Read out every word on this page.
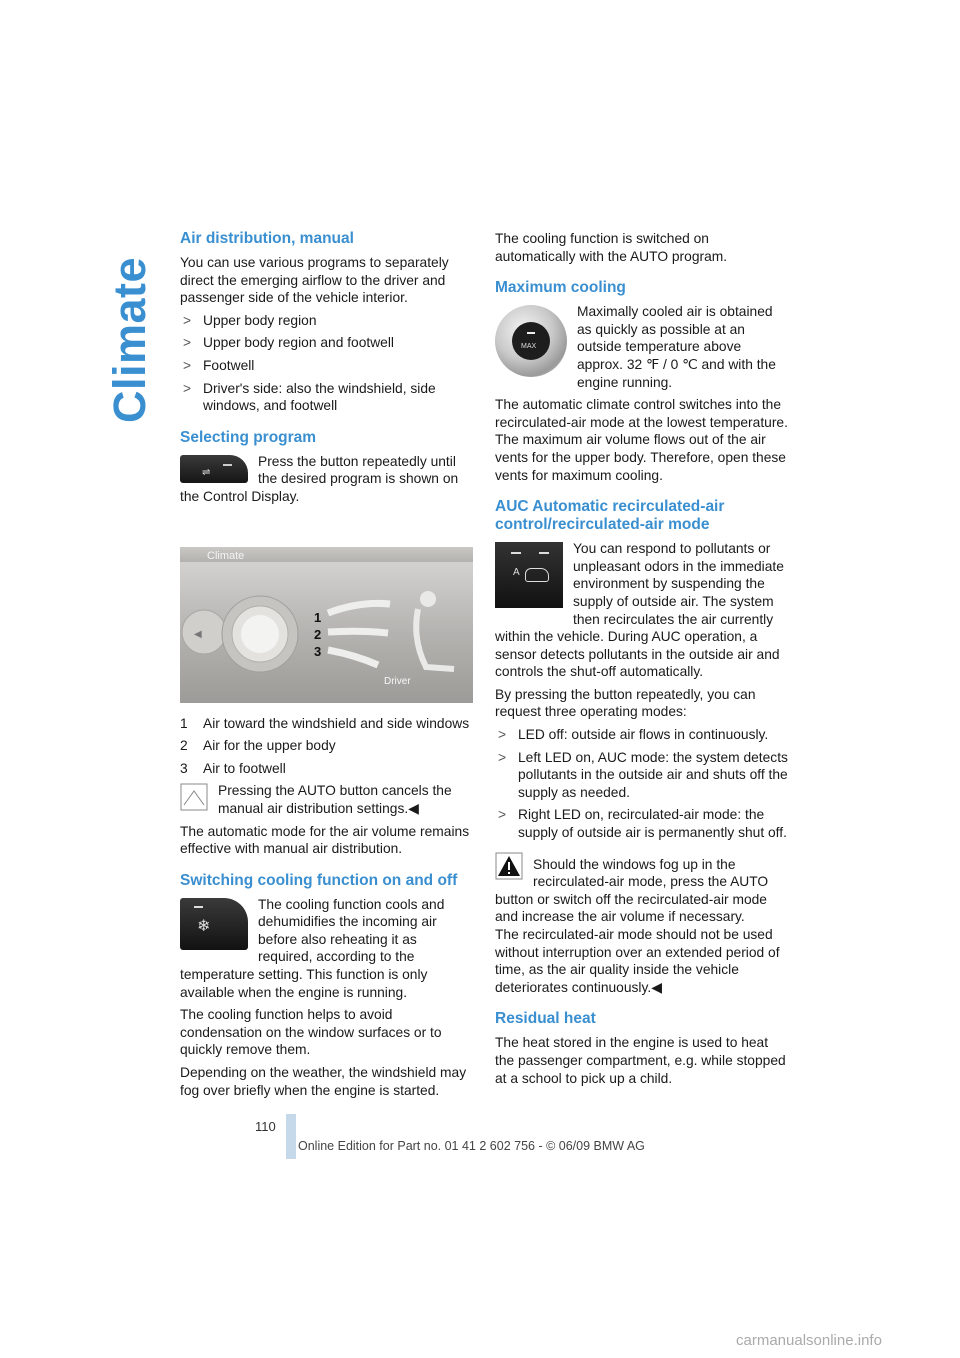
Climate
Air distribution, manual

You can use various programs to separately direct the emerging airflow to the driver and passenger side of the vehicle interior.

> Upper body region
> Upper body region and footwell
> Footwell
> Driver's side: also the windshield, side windows, and footwell
Selecting program
⇌

Press the button repeatedly until the desired program is shown on the Control Display.

◀
Climate
1
2
3
Driver
1 Air toward the windshield and side windows
2 Air for the upper body
3 Air to footwell

Pressing the AUTO button cancels the manual air distribution settings.◀

The automatic mode for the air volume remains effective with manual air distribution.

Switching cooling function on and off
❄

The cooling function cools and dehumidifies the incoming air before also reheating it as required, according to the temperature setting. This function is only available when the engine is running.

The cooling function helps to avoid condensation on the window surfaces or to quickly remove them.

Depending on the weather, the windshield may fog over briefly when the engine is started.

The cooling function is switched on automatically with the AUTO program.

Maximum cooling
MAX

Maximally cooled air is obtained as quickly as possible at an outside temperature above approx. 32 ℉ / 0 ℃ and with the engine running.

The automatic climate control switches into the recirculated-air mode at the lowest temperature. The maximum air volume flows out of the air vents for the upper body. Therefore, open these vents for maximum cooling.

AUC Automatic recirculated-air control/recirculated-air mode
A

You can respond to pollutants or unpleasant odors in the immediate environment by suspending the supply of outside air. The system then recirculates the air currently within the vehicle. During AUC operation, a sensor detects pollutants in the outside air and controls the shut-off automatically.

By pressing the button repeatedly, you can request three operating modes:

> LED off: outside air flows in continuously.
> Left LED on, AUC mode: the system detects pollutants in the outside air and shuts off the supply as needed.
> Right LED on, recirculated-air mode: the supply of outside air is permanently shut off.

Should the windows fog up in the recirculated-air mode, press the AUTO button or switch off the recirculated-air mode and increase the air volume if necessary.

The recirculated-air mode should not be used without interruption over an extended period of time, as the air quality inside the vehicle deteriorates continuously.◀

Residual heat

The heat stored in the engine is used to heat the passenger compartment, e.g. while stopped at a school to pick up a child.

110
Online Edition for Part no. 01 41 2 602 756 - © 06/09 BMW AG
carmanualsonline.info
